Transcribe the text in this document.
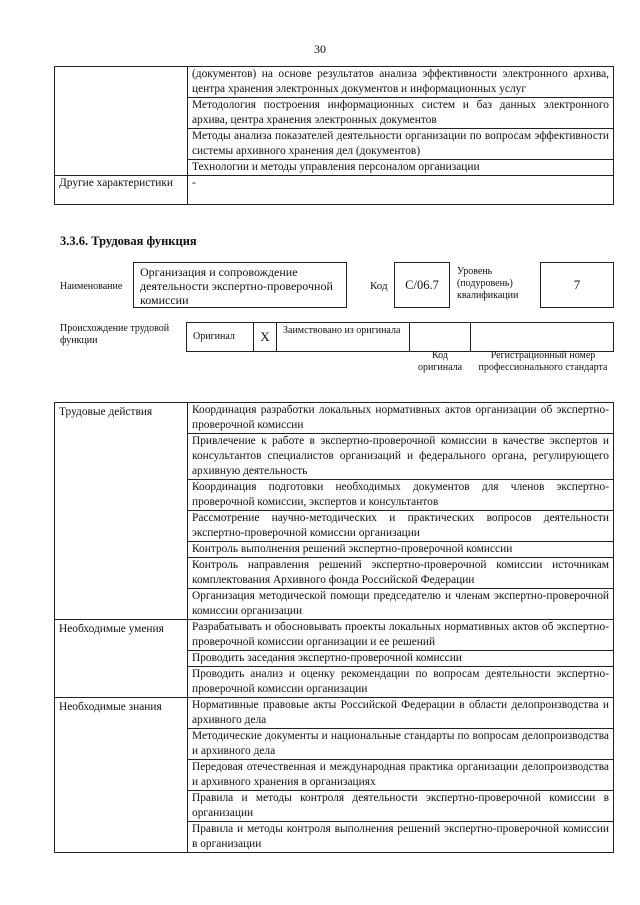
30
	(документов) на основе результатов анализа эффективности электронного архива, центра хранения электронных документов и информационных услуг
	Методология построения информационных систем и баз данных электронного архива, центра хранения электронных документов
	Методы анализа показателей деятельности организации по вопросам эффективности системы архивного хранения дел (документов)
	Технологии и методы управления персоналом организации
Другие характеристики	-
3.3.6. Трудовая функция
Наименование
Организация и сопровождение деятельности экспертно-проверочной комиссии
Код	С/06.7
Уровень (подуровень) квалификации
7
Происхождение трудовой функции	Оригинал	X	Заимствовано из оригинала
Код оригинала
Регистрационный номер профессионального стандарта
Трудовые действия	Координация разработки локальных нормативных актов организации об экспертно-проверочной комиссии
	Привлечение к работе в экспертно-проверочной комиссии в качестве экспертов и консультантов специалистов организаций и федерального органа, регулирующего архивную деятельность
	Координация подготовки необходимых документов для членов экспертно-проверочной комиссии, экспертов и консультантов
	Рассмотрение научно-методических и практических вопросов деятельности экспертно-проверочной комиссии организации
	Контроль выполнения решений экспертно-проверочной комиссии
	Контроль направления решений экспертно-проверочной комиссии источникам комплектования Архивного фонда Российской Федерации
	Организация методической помощи председателю и членам экспертно-проверочной комиссии организации
Необходимые умения	Разрабатывать и обосновывать проекты локальных нормативных актов об экспертно-проверочной комиссии организации и ее решений
	Проводить заседания экспертно-проверочной комиссии
	Проводить анализ и оценку рекомендации по вопросам деятельности экспертно-проверочной комиссии организации
Необходимые знания	Нормативные правовые акты Российской Федерации в области делопроизводства и архивного дела
	Методические документы и национальные стандарты по вопросам делопроизводства и архивного дела
	Передовая отечественная и международная практика организации делопроизводства и архивного хранения в организациях
	Правила и методы контроля деятельности экспертно-проверочной комиссии в организации
	Правила и методы контроля выполнения решений экспертно-проверочной комиссии в организации
